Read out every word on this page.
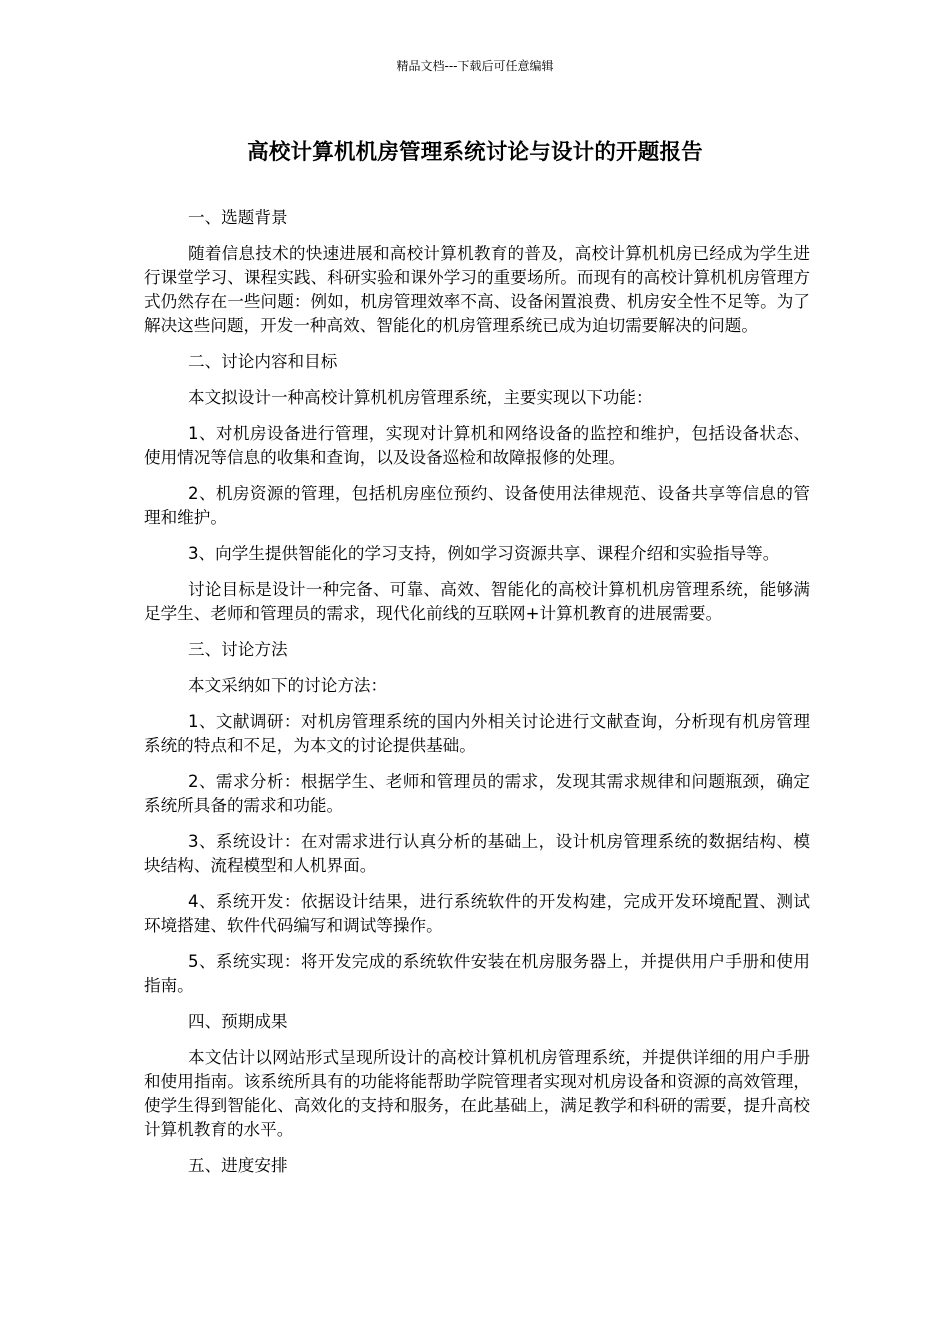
精品文档---下载后可任意编辑
高校计算机机房管理系统讨论与设计的开题报告

一、选题背景

随着信息技术的快速进展和高校计算机教育的普及，高校计算机机房已经成为学生进行课堂学习、课程实践、科研实验和课外学习的重要场所。而现有的高校计算机机房管理方式仍然存在一些问题：例如，机房管理效率不高、设备闲置浪费、机房安全性不足等。为了解决这些问题，开发一种高效、智能化的机房管理系统已成为迫切需要解决的问题。

二、讨论内容和目标

本文拟设计一种高校计算机机房管理系统，主要实现以下功能：

1、对机房设备进行管理，实现对计算机和网络设备的监控和维护，包括设备状态、使用情况等信息的收集和查询，以及设备巡检和故障报修的处理。

2、机房资源的管理，包括机房座位预约、设备使用法律规范、设备共享等信息的管理和维护。

3、向学生提供智能化的学习支持，例如学习资源共享、课程介绍和实验指导等。

讨论目标是设计一种完备、可靠、高效、智能化的高校计算机机房管理系统，能够满足学生、老师和管理员的需求，现代化前线的互联网+计算机教育的进展需要。

三、讨论方法

本文采纳如下的讨论方法：

1、文献调研：对机房管理系统的国内外相关讨论进行文献查询，分析现有机房管理系统的特点和不足，为本文的讨论提供基础。

2、需求分析：根据学生、老师和管理员的需求，发现其需求规律和问题瓶颈，确定系统所具备的需求和功能。

3、系统设计：在对需求进行认真分析的基础上，设计机房管理系统的数据结构、模块结构、流程模型和人机界面。

4、系统开发：依据设计结果，进行系统软件的开发构建，完成开发环境配置、测试环境搭建、软件代码编写和调试等操作。

5、系统实现：将开发完成的系统软件安装在机房服务器上，并提供用户手册和使用指南。

四、预期成果

本文估计以网站形式呈现所设计的高校计算机机房管理系统，并提供详细的用户手册和使用指南。该系统所具有的功能将能帮助学院管理者实现对机房设备和资源的高效管理，使学生得到智能化、高效化的支持和服务，在此基础上，满足教学和科研的需要，提升高校计算机教育的水平。

五、进度安排
